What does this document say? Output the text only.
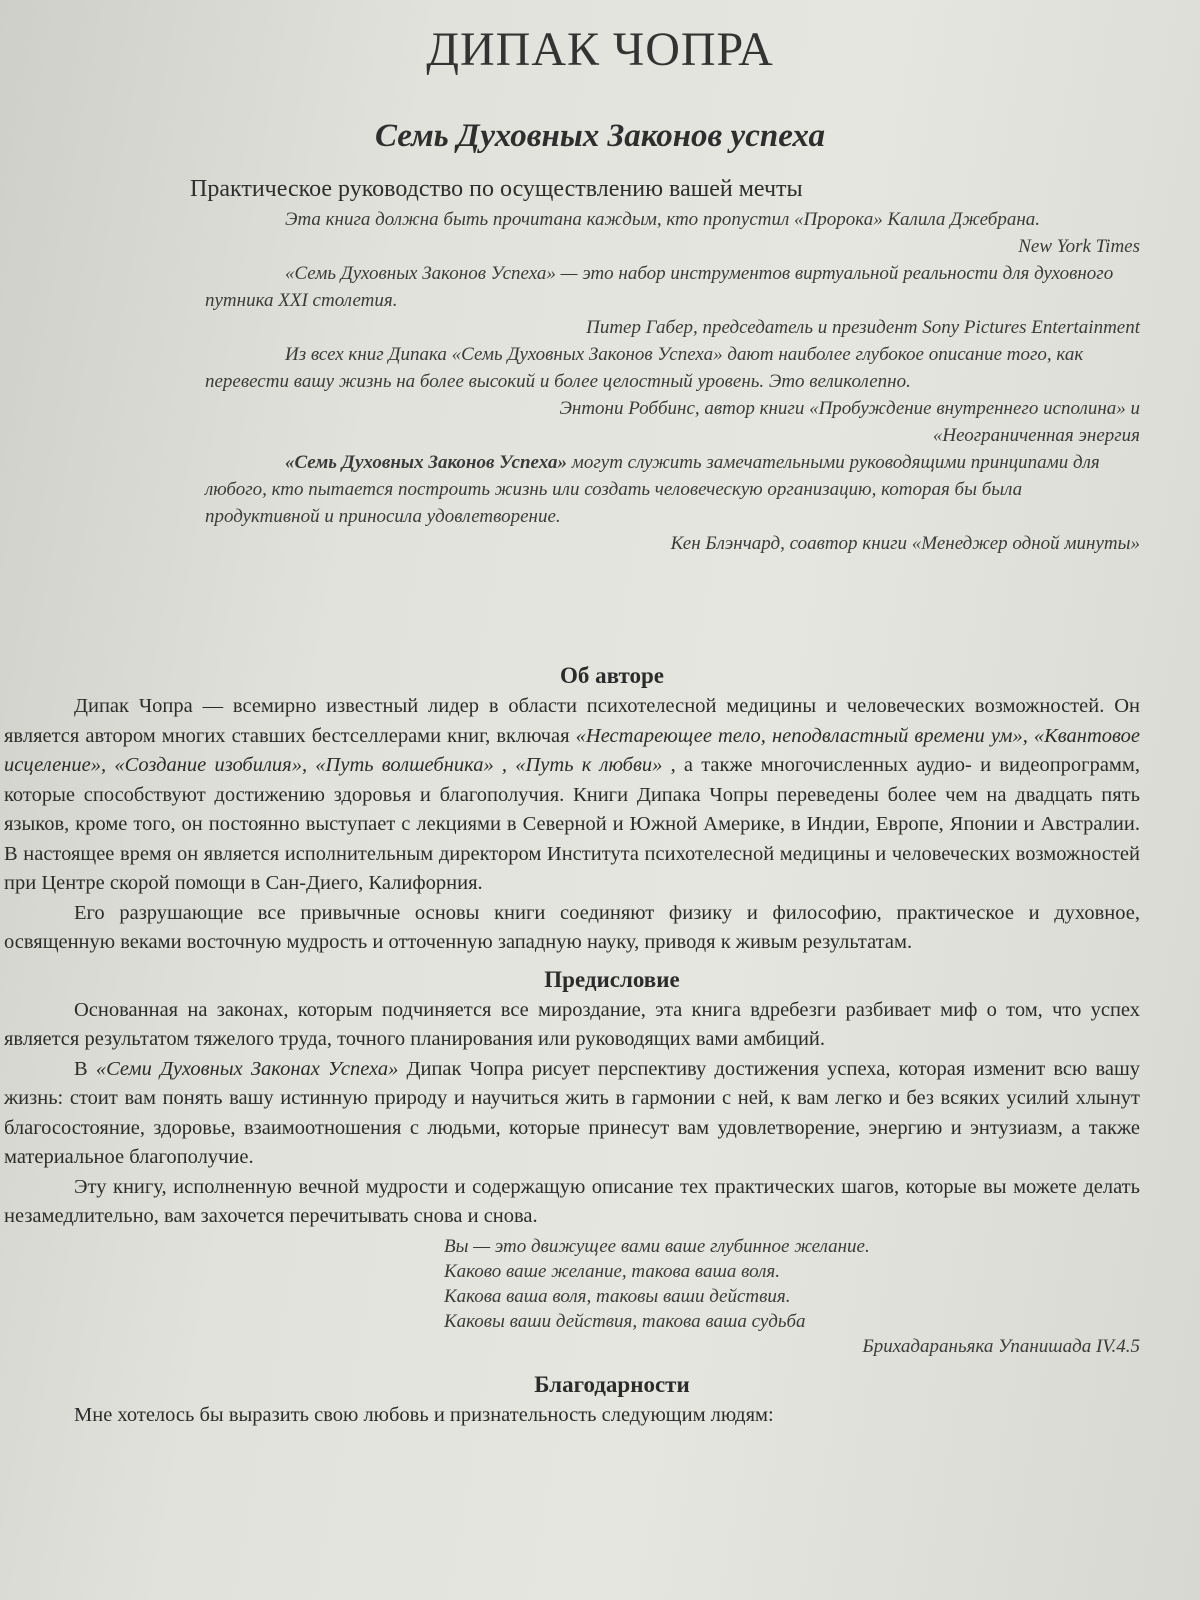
ДИПАК ЧОПРА
Семь Духовных Законов успеха
Практическое руководство по осуществлению вашей мечты

Эта книга должна быть прочитана каждым, кто пропустил «Пророка» Калила Джебрана.

New York Times

«Семь Духовных Законов Успеха» — это набор инструментов виртуальной реальности для духовного путника XXI столетия.

Питер Габер, председатель и президент Sony Pictures Entertainment

Из всех книг Дипака «Семь Духовных Законов Успеха» дают наиболее глубокое описание того, как перевести вашу жизнь на более высокий и более целостный уровень. Это великолепно.

Энтони Роббинс, автор книги «Пробуждение внутреннего исполина» и

«Неограниченная энергия

«Семь Духовных Законов Успеха» могут служить замечательными руководящими принципами для любого, кто пытается построить жизнь или создать человеческую организацию, которая бы была продуктивной и приносила удовлетворение.

Кен Блэнчард, соавтор книги «Менеджер одной минуты»

Об авторе

Дипак Чопра — всемирно известный лидер в области психотелесной медицины и человеческих возможностей. Он является автором многих ставших бестселлерами книг, включая «Нестареющее тело, неподвластный времени ум», «Квантовое исцеление», «Создание изобилия», «Путь волшебника» , «Путь к любви» , а также многочисленных аудио- и видеопрограмм, которые способствуют достижению здоровья и благополучия. Книги Дипака Чопры переведены более чем на двадцать пять языков, кроме того, он постоянно выступает с лекциями в Северной и Южной Америке, в Индии, Европе, Японии и Австралии. В настоящее время он является исполнительным директором Института психотелесной медицины и человеческих возможностей при Центре скорой помощи в Сан-Диего, Калифорния.

Его разрушающие все привычные основы книги соединяют физику и философию, практическое и духовное, освященную веками восточную мудрость и отточенную западную науку, приводя к живым результатам.

Предисловие

Основанная на законах, которым подчиняется все мироздание, эта книга вдребезги разбивает миф о том, что успех является результатом тяжелого труда, точного планирования или руководящих вами амбиций.

В «Семи Духовных Законах Успеха» Дипак Чопра рисует перспективу достижения успеха, которая изменит всю вашу жизнь: стоит вам понять вашу истинную природу и научиться жить в гармонии с ней, к вам легко и без всяких усилий хлынут благосостояние, здоровье, взаимоотношения с людьми, которые принесут вам удовлетворение, энергию и энтузиазм, а также материальное благополучие.

Эту книгу, исполненную вечной мудрости и содержащую описание тех практических шагов, которые вы можете делать незамедлительно, вам захочется перечитывать снова и снова.

Вы — это движущее вами ваше глубинное желание.
Каково ваше желание, такова ваша воля.
Какова ваша воля, таковы ваши действия.
Каковы ваши действия, такова ваша судьба
Брихадараньяка Упанишада IV.4.5
Благодарности

Мне хотелось бы выразить свою любовь и признательность следующим людям:
